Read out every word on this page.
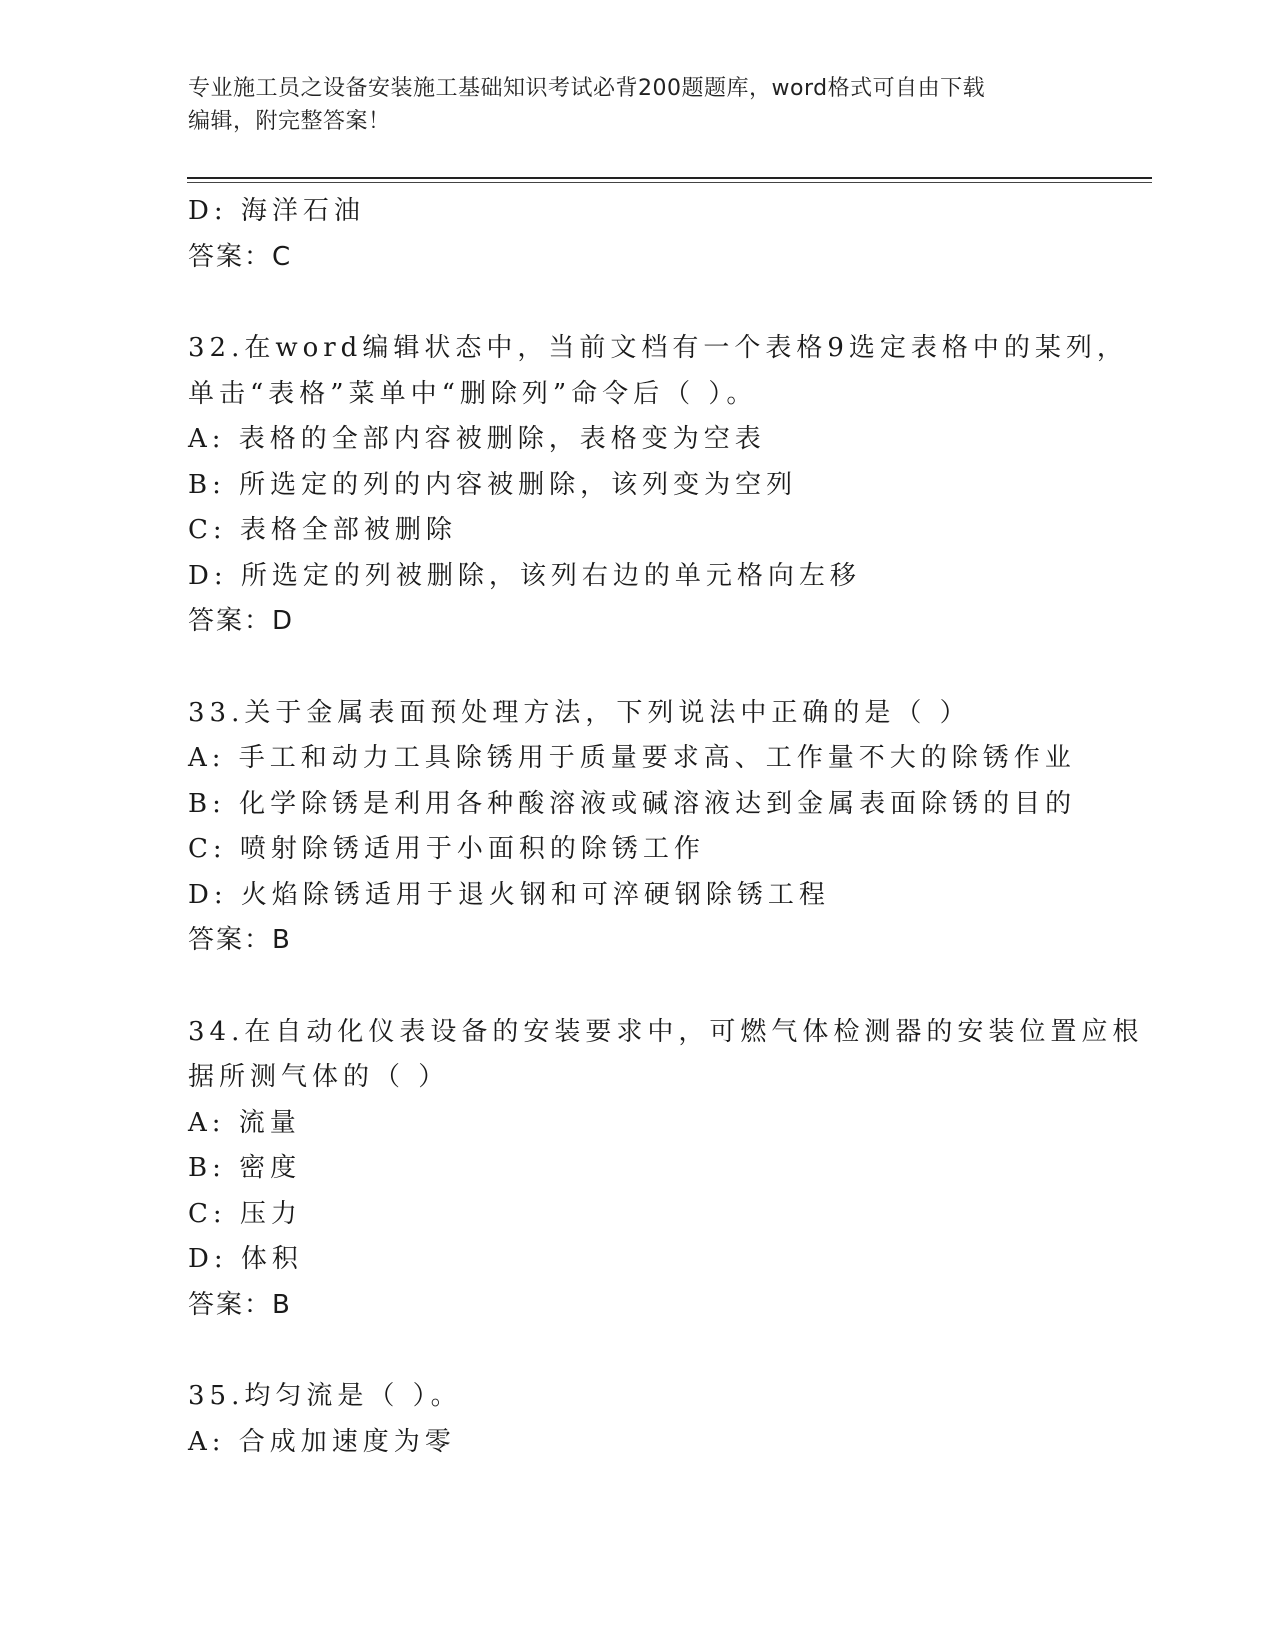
专业施工员之设备安装施工基础知识考试必背200题题库，word格式可自由下载
编辑，附完整答案！
D: 海洋石油
答案：C
32.在word编辑状态中，当前文档有一个表格9选定表格中的某列，
单击“表格”菜单中“删除列”命令后（ ）。
A: 表格的全部内容被删除，表格变为空表
B: 所选定的列的内容被删除，该列变为空列
C: 表格全部被删除
D: 所选定的列被删除，该列右边的单元格向左移
答案：D
33.关于金属表面预处理方法，下列说法中正确的是（ ）
A: 手工和动力工具除锈用于质量要求高、工作量不大的除锈作业
B: 化学除锈是利用各种酸溶液或碱溶液达到金属表面除锈的目的
C: 喷射除锈适用于小面积的除锈工作
D: 火焰除锈适用于退火钢和可淬硬钢除锈工程
答案：B
34.在自动化仪表设备的安装要求中，可燃气体检测器的安装位置应根
据所测气体的（ ）
A: 流量
B: 密度
C: 压力
D: 体积
答案：B
35.均匀流是（ ）。
A: 合成加速度为零
